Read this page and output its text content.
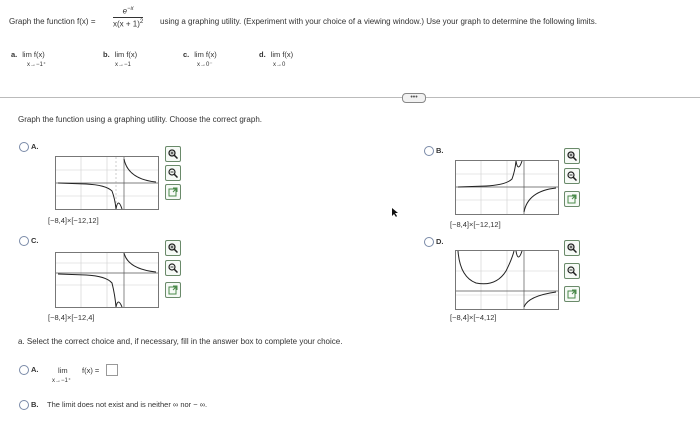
Graph the function $f(x) = \frac{e^{-x}}{x(x + 1)^2}$ using a graphing utility. (Experiment with your choice of a viewing window.) Use your graph to determine the following limits.
a. lim f(x)
x→−1⁺
b. lim f(x)
x→−1
c. lim f(x)
x→0⁻
d. lim f(x)
x→0
•••
Graph the function using a graphing utility. Choose the correct graph.
A.
[−8,4]×[−12,12]
B.
[−8,4]×[−12,12]
C.
[−8,4]×[−12,4]
D.
[−8,4]×[−4,12]
a. Select the correct choice and, if necessary, fill in the answer box to complete your choice.
A.	lim f(x) =
x→−1⁺
B. The limit does not exist and is neither ∞ nor − ∞.
